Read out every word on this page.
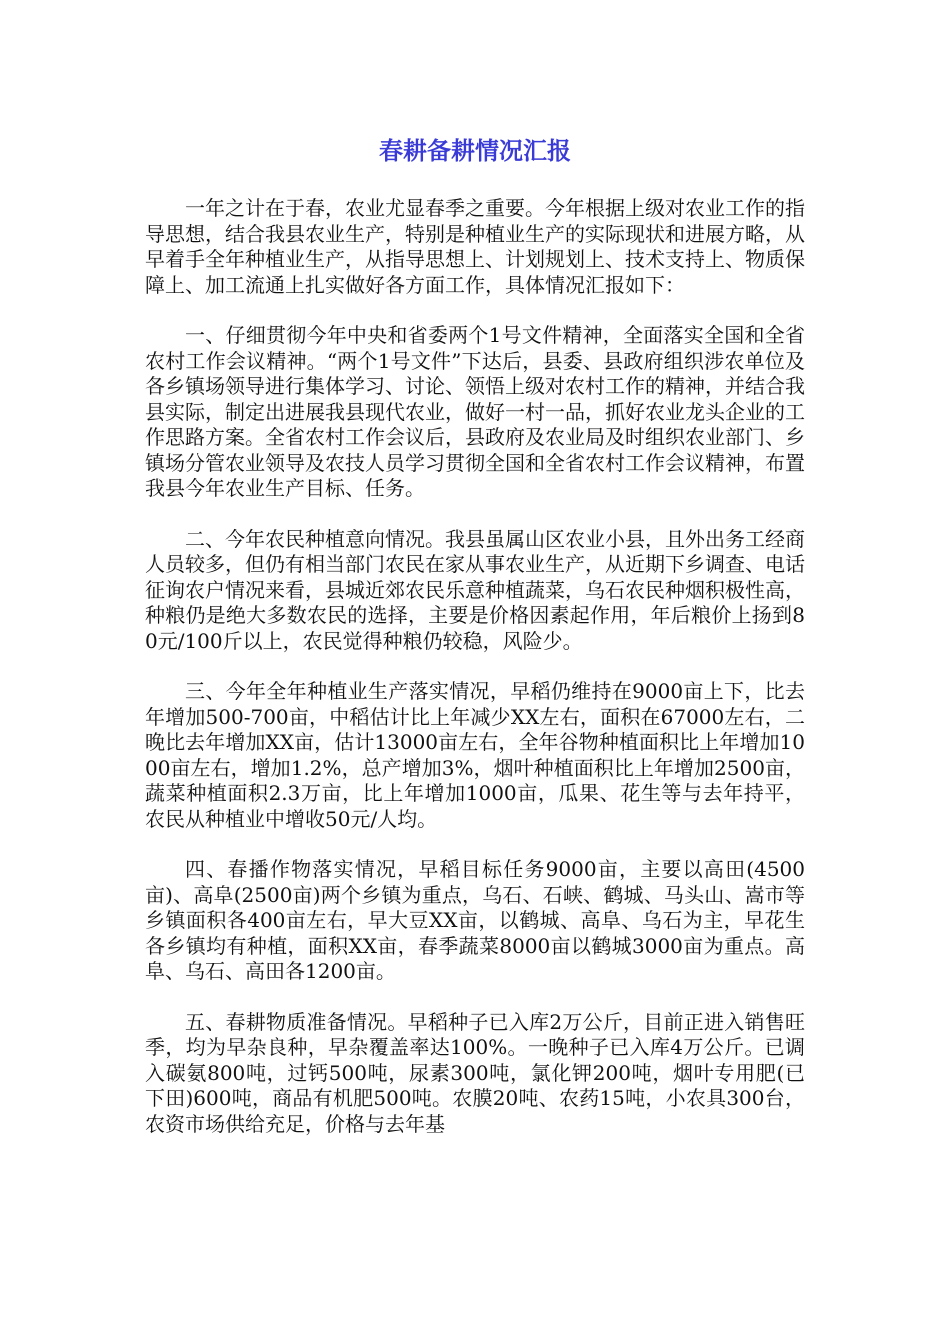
春耕备耕情况汇报

一年之计在于春，农业尤显春季之重要。今年根据上级对农业工作的指导思想，结合我县农业生产，特别是种植业生产的实际现状和进展方略，从早着手全年种植业生产，从指导思想上、计划规划上、技术支持上、物质保障上、加工流通上扎实做好各方面工作，具体情况汇报如下：

一、仔细贯彻今年中央和省委两个1号文件精神，全面落实全国和全省农村工作会议精神。“两个1号文件”下达后，县委、县政府组织涉农单位及各乡镇场领导进行集体学习、讨论、领悟上级对农村工作的精神，并结合我县实际，制定出进展我县现代农业，做好一村一品，抓好农业龙头企业的工作思路方案。全省农村工作会议后，县政府及农业局及时组织农业部门、乡镇场分管农业领导及农技人员学习贯彻全国和全省农村工作会议精神，布置我县今年农业生产目标、任务。

二、今年农民种植意向情况。我县虽属山区农业小县，且外出务工经商人员较多，但仍有相当部门农民在家从事农业生产，从近期下乡调查、电话征询农户情况来看，县城近郊农民乐意种植蔬菜，乌石农民种烟积极性高，种粮仍是绝大多数农民的选择，主要是价格因素起作用，年后粮价上扬到80元/100斤以上，农民觉得种粮仍较稳，风险少。

三、今年全年种植业生产落实情况，早稻仍维持在9000亩上下，比去年增加500-700亩，中稻估计比上年减少XX左右，面积在67000左右，二晚比去年增加XX亩，估计13000亩左右，全年谷物种植面积比上年增加1000亩左右，增加1.2%，总产增加3%，烟叶种植面积比上年增加2500亩，蔬菜种植面积2.3万亩，比上年增加1000亩，瓜果、花生等与去年持平，农民从种植业中增收50元/人均。

四、春播作物落实情况，早稻目标任务9000亩，主要以高田(4500亩)、高阜(2500亩)两个乡镇为重点，乌石、石峡、鹤城、马头山、嵩市等乡镇面积各400亩左右，早大豆XX亩，以鹤城、高阜、乌石为主，早花生各乡镇均有种植，面积XX亩，春季蔬菜8000亩以鹤城3000亩为重点。高阜、乌石、高田各1200亩。

五、春耕物质准备情况。早稻种子已入库2万公斤，目前正进入销售旺季，均为早杂良种，早杂覆盖率达100%。一晚种子已入库4万公斤。已调入碳氨800吨，过钙500吨，尿素300吨，氯化钾200吨，烟叶专用肥(已下田)600吨，商品有机肥500吨。农膜20吨、农药15吨，小农具300台，农资市场供给充足，价格与去年基
